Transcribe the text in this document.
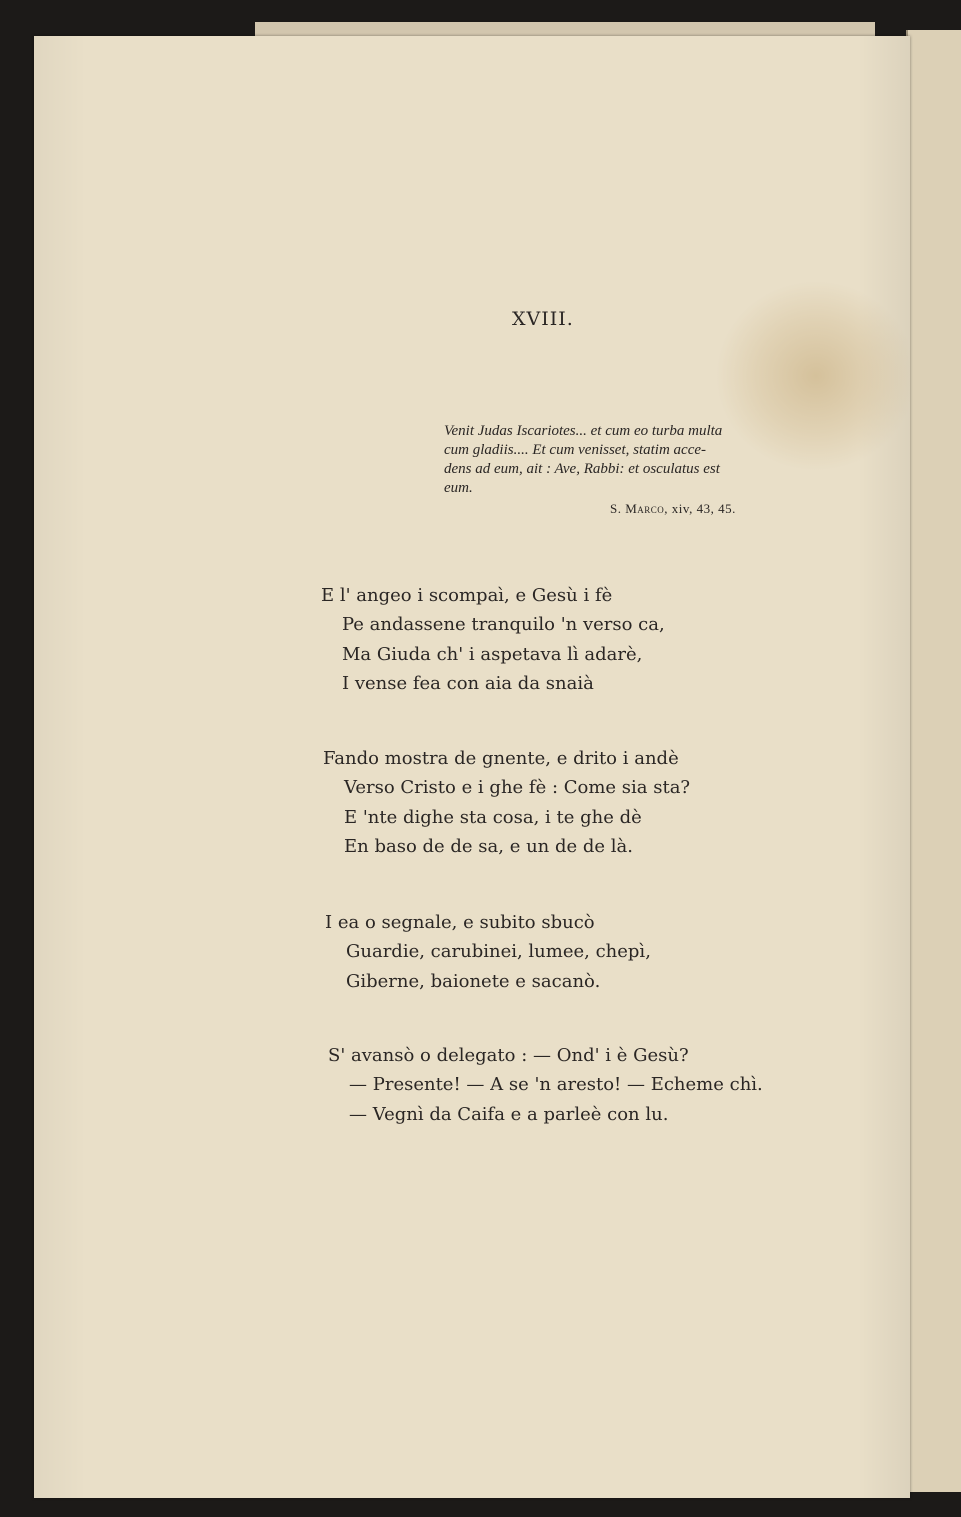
XVIII.
Venit Judas Iscariotes... et cum eo turba multa
cum gladiis.... Et cum venisset, statim acce-
dens ad eum, ait : Ave, Rabbi: et osculatus est
eum.
S. Marco, xiv, 43, 45.
E l' angeo i scompaì, e Gesù i fè
Pe andassene tranquilo 'n verso ca,
Ma Giuda ch' i aspetava lì adarè,
I vense fea con aia da snaià
Fando mostra de gnente, e drito i andè
Verso Cristo e i ghe fè : Come sia sta?
E 'nte dighe sta cosa, i te ghe dè
En baso de de sa, e un de de là.
I ea o segnale, e subito sbucò
Guardie, carubinei, lumee, chepì,
Giberne, baionete e sacanò.
S' avansò o delegato : — Ond' i è Gesù?
— Presente! — A se 'n aresto! — Echeme chì.
— Vegnì da Caifa e a parleè con lu.
